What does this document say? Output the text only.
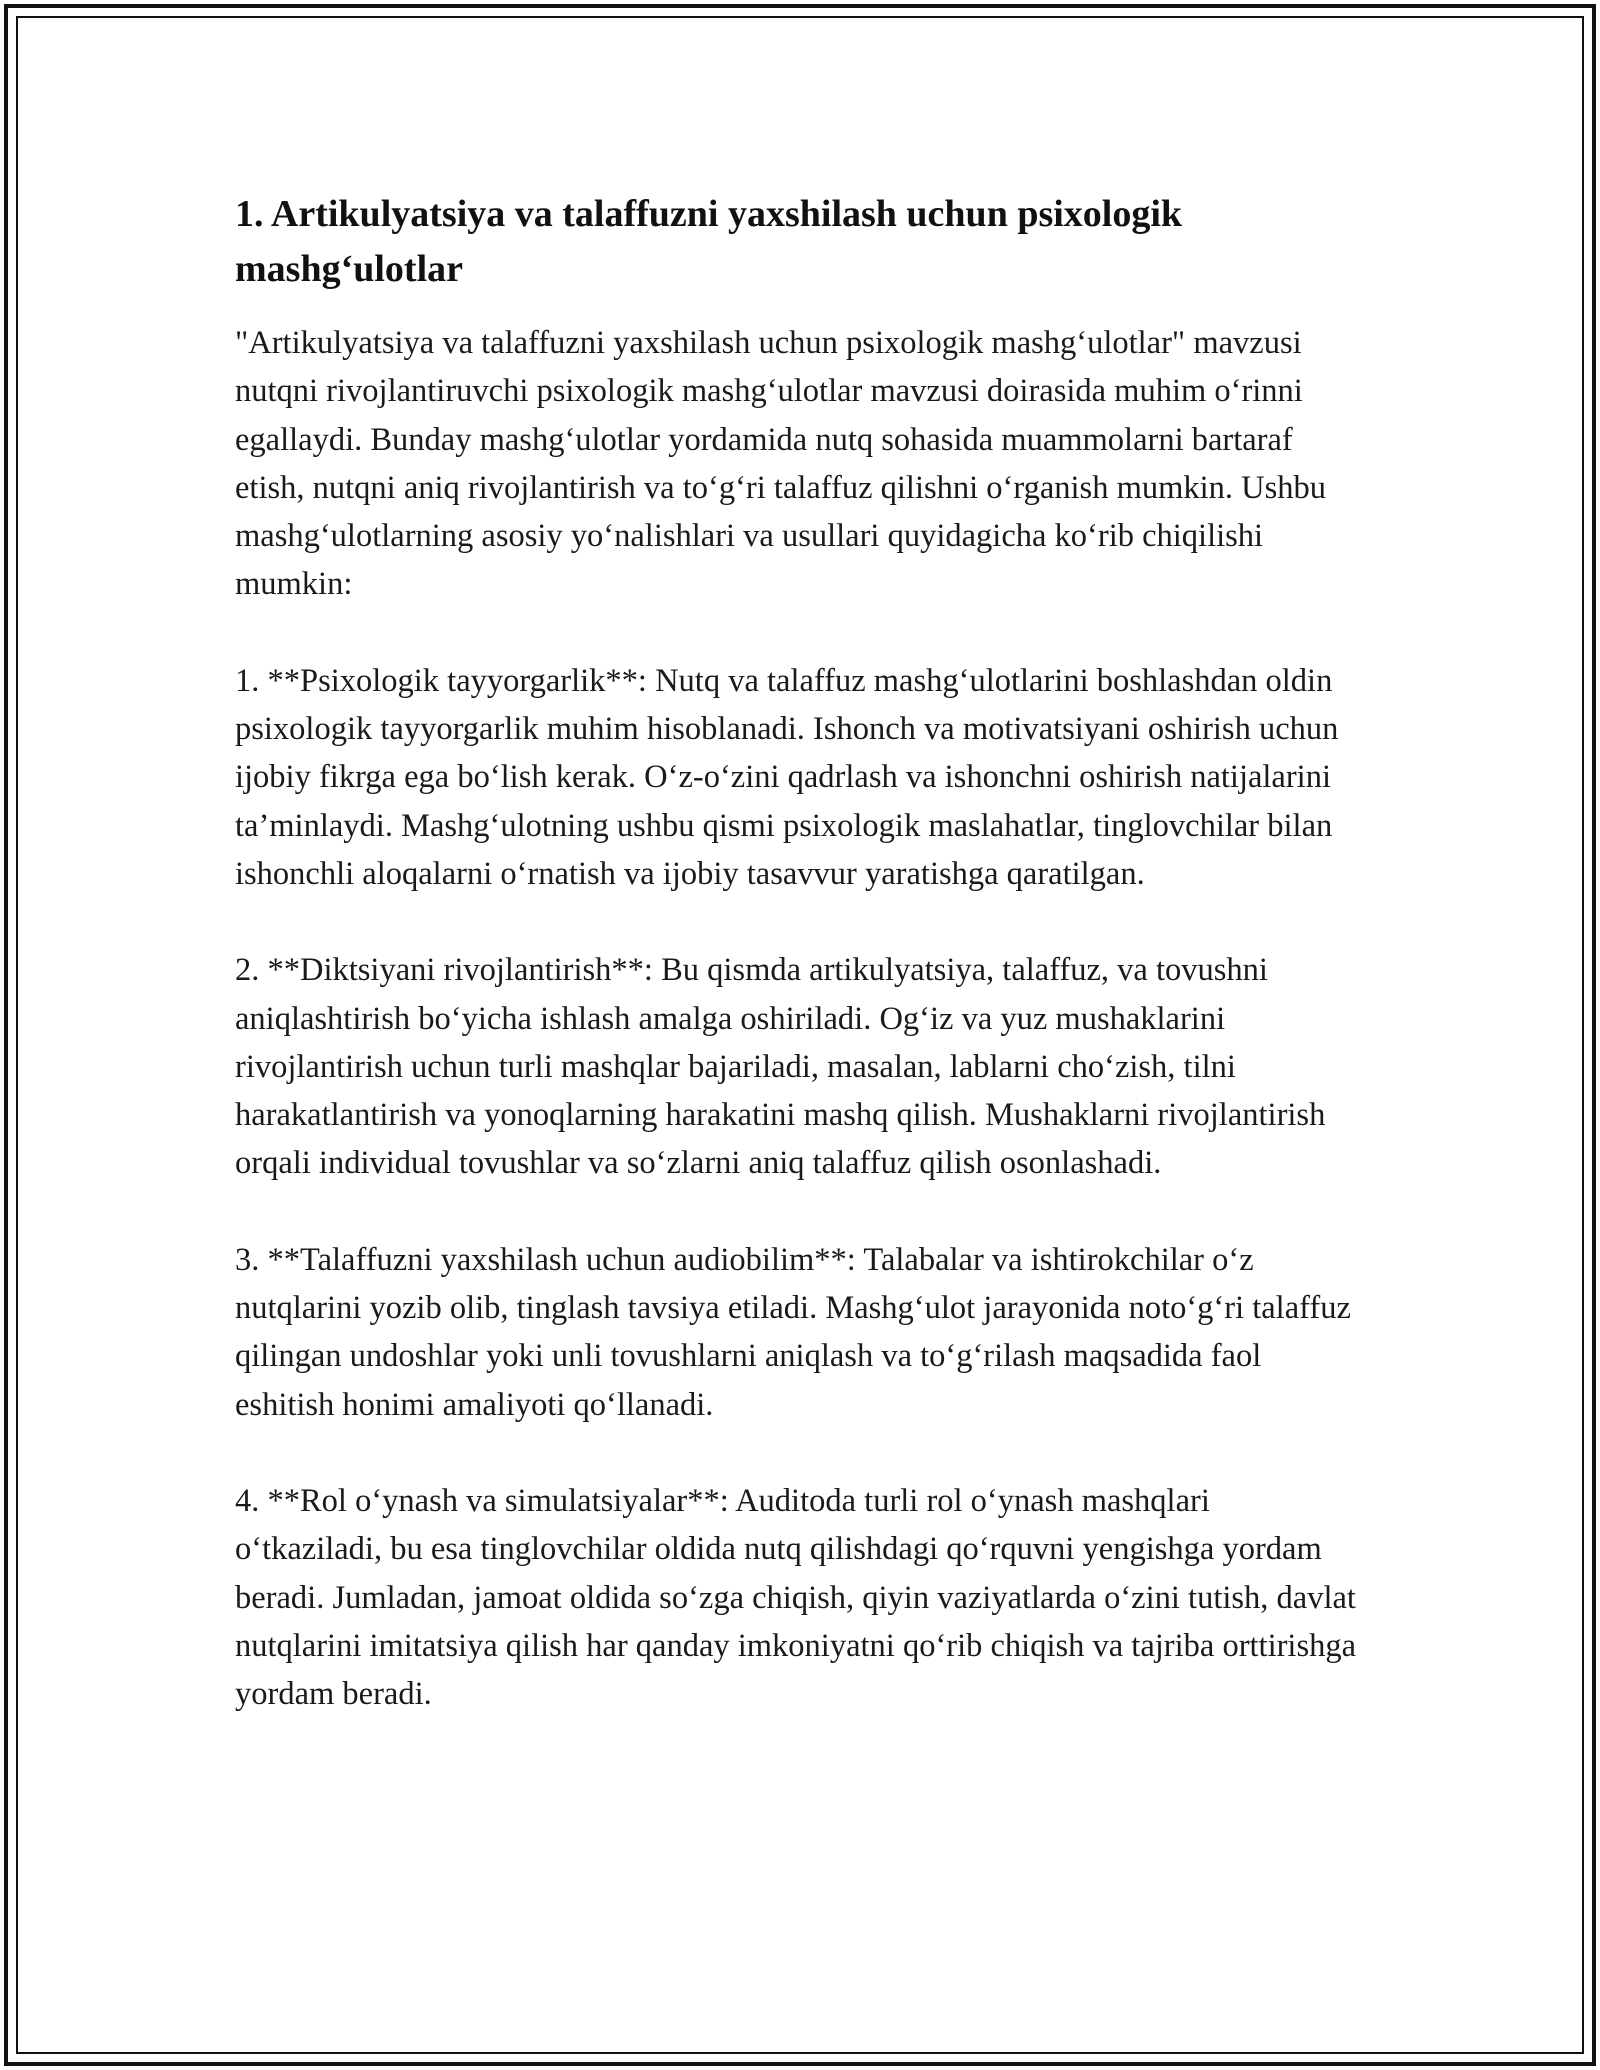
1. Artikulyatsiya va talaffuzni yaxshilash uchun psixologik mashg‘ulotlar

"Artikulyatsiya va talaffuzni yaxshilash uchun psixologik mashg‘ulotlar" mavzusi nutqni rivojlantiruvchi psixologik mashg‘ulotlar mavzusi doirasida muhim o‘rinni egallaydi. Bunday mashg‘ulotlar yordamida nutq sohasida muammolarni bartaraf etish, nutqni aniq rivojlantirish va to‘g‘ri talaffuz qilishni o‘rganish mumkin. Ushbu mashg‘ulotlarning asosiy yo‘nalishlari va usullari quyidagicha ko‘rib chiqilishi mumkin:

1. **Psixologik tayyorgarlik**: Nutq va talaffuz mashg‘ulotlarini boshlashdan oldin psixologik tayyorgarlik muhim hisoblanadi. Ishonch va motivatsiyani oshirish uchun ijobiy fikrga ega bo‘lish kerak. O‘z-o‘zini qadrlash va ishonchni oshirish natijalarini ta’minlaydi. Mashg‘ulotning ushbu qismi psixologik maslahatlar, tinglovchilar bilan ishonchli aloqalarni o‘rnatish va ijobiy tasavvur yaratishga qaratilgan.

2. **Diktsiyani rivojlantirish**: Bu qismda artikulyatsiya, talaffuz, va tovushni aniqlashtirish bo‘yicha ishlash amalga oshiriladi. Og‘iz va yuz mushaklarini rivojlantirish uchun turli mashqlar bajariladi, masalan, lablarni cho‘zish, tilni harakatlantirish va yonoqlarning harakatini mashq qilish. Mushaklarni rivojlantirish orqali individual tovushlar va so‘zlarni aniq talaffuz qilish osonlashadi.

3. **Talaffuzni yaxshilash uchun audiobilim**: Talabalar va ishtirokchilar o‘z nutqlarini yozib olib, tinglash tavsiya etiladi. Mashg‘ulot jarayonida noto‘g‘ri talaffuz qilingan undoshlar yoki unli tovushlarni aniqlash va to‘g‘rilash maqsadida faol eshitish honimi amaliyoti qo‘llanadi.

4. **Rol o‘ynash va simulatsiyalar**: Auditoda turli rol o‘ynash mashqlari o‘tkaziladi, bu esa tinglovchilar oldida nutq qilishdagi qo‘rquvni yengishga yordam beradi. Jumladan, jamoat oldida so‘zga chiqish, qiyin vaziyatlarda o‘zini tutish, davlat nutqlarini imitatsiya qilish har qanday imkoniyatni qo‘rib chiqish va tajriba orttirishga yordam beradi.
